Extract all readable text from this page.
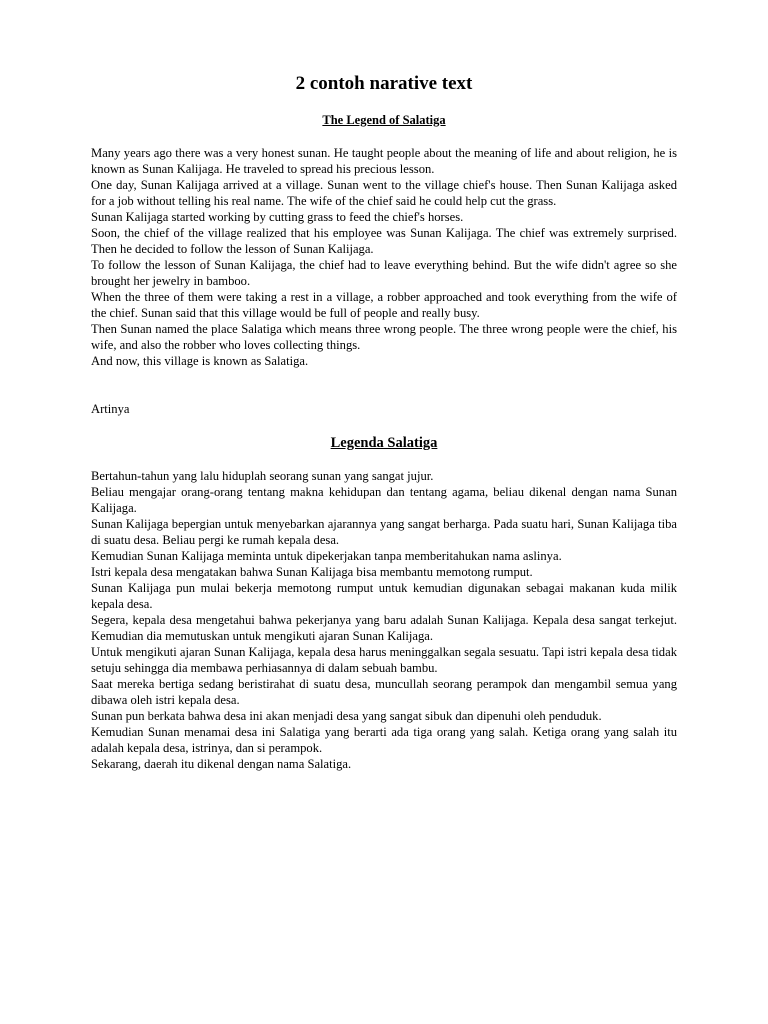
2 contoh narative text
The Legend of Salatiga

Many years ago there was a very honest sunan. He taught people about the meaning of life and about religion, he is known as Sunan Kalijaga. He traveled to spread his precious lesson.

One day, Sunan Kalijaga arrived at a village. Sunan went to the village chief's house. Then Sunan Kalijaga asked for a job without telling his real name. The wife of the chief said he could help cut the grass.

Sunan Kalijaga started working by cutting grass to feed the chief's horses.

Soon, the chief of the village realized that his employee was Sunan Kalijaga. The chief was extremely surprised. Then he decided to follow the lesson of Sunan Kalijaga.

To follow the lesson of Sunan Kalijaga, the chief had to leave everything behind. But the wife didn't agree so she brought her jewelry in bamboo.

When the three of them were taking a rest in a village, a robber approached and took everything from the wife of the chief. Sunan said that this village would be full of people and really busy.

Then Sunan named the place Salatiga which means three wrong people. The three wrong people were the chief, his wife, and also the robber who loves collecting things.

And now, this village is known as Salatiga.

Artinya

Legenda Salatiga

Bertahun-tahun yang lalu hiduplah seorang sunan yang sangat jujur.

Beliau mengajar orang-orang tentang makna kehidupan dan tentang agama, beliau dikenal dengan nama Sunan Kalijaga.

Sunan Kalijaga bepergian untuk menyebarkan ajarannya yang sangat berharga. Pada suatu hari, Sunan Kalijaga tiba di suatu desa. Beliau pergi ke rumah kepala desa.

Kemudian Sunan Kalijaga meminta untuk dipekerjakan tanpa memberitahukan nama aslinya.

Istri kepala desa mengatakan bahwa Sunan Kalijaga bisa membantu memotong rumput.

Sunan Kalijaga pun mulai bekerja memotong rumput untuk kemudian digunakan sebagai makanan kuda milik kepala desa.

Segera, kepala desa mengetahui bahwa pekerjanya yang baru adalah Sunan Kalijaga. Kepala desa sangat terkejut. Kemudian dia memutuskan untuk mengikuti ajaran Sunan Kalijaga.

Untuk mengikuti ajaran Sunan Kalijaga, kepala desa harus meninggalkan segala sesuatu. Tapi istri kepala desa tidak setuju sehingga dia membawa perhiasannya di dalam sebuah bambu.

Saat mereka bertiga sedang beristirahat di suatu desa, muncullah seorang perampok dan mengambil semua yang dibawa oleh istri kepala desa.

Sunan pun berkata bahwa desa ini akan menjadi desa yang sangat sibuk dan dipenuhi oleh penduduk.

Kemudian Sunan menamai desa ini Salatiga yang berarti ada tiga orang yang salah. Ketiga orang yang salah itu adalah kepala desa, istrinya, dan si perampok.

Sekarang, daerah itu dikenal dengan nama Salatiga.
